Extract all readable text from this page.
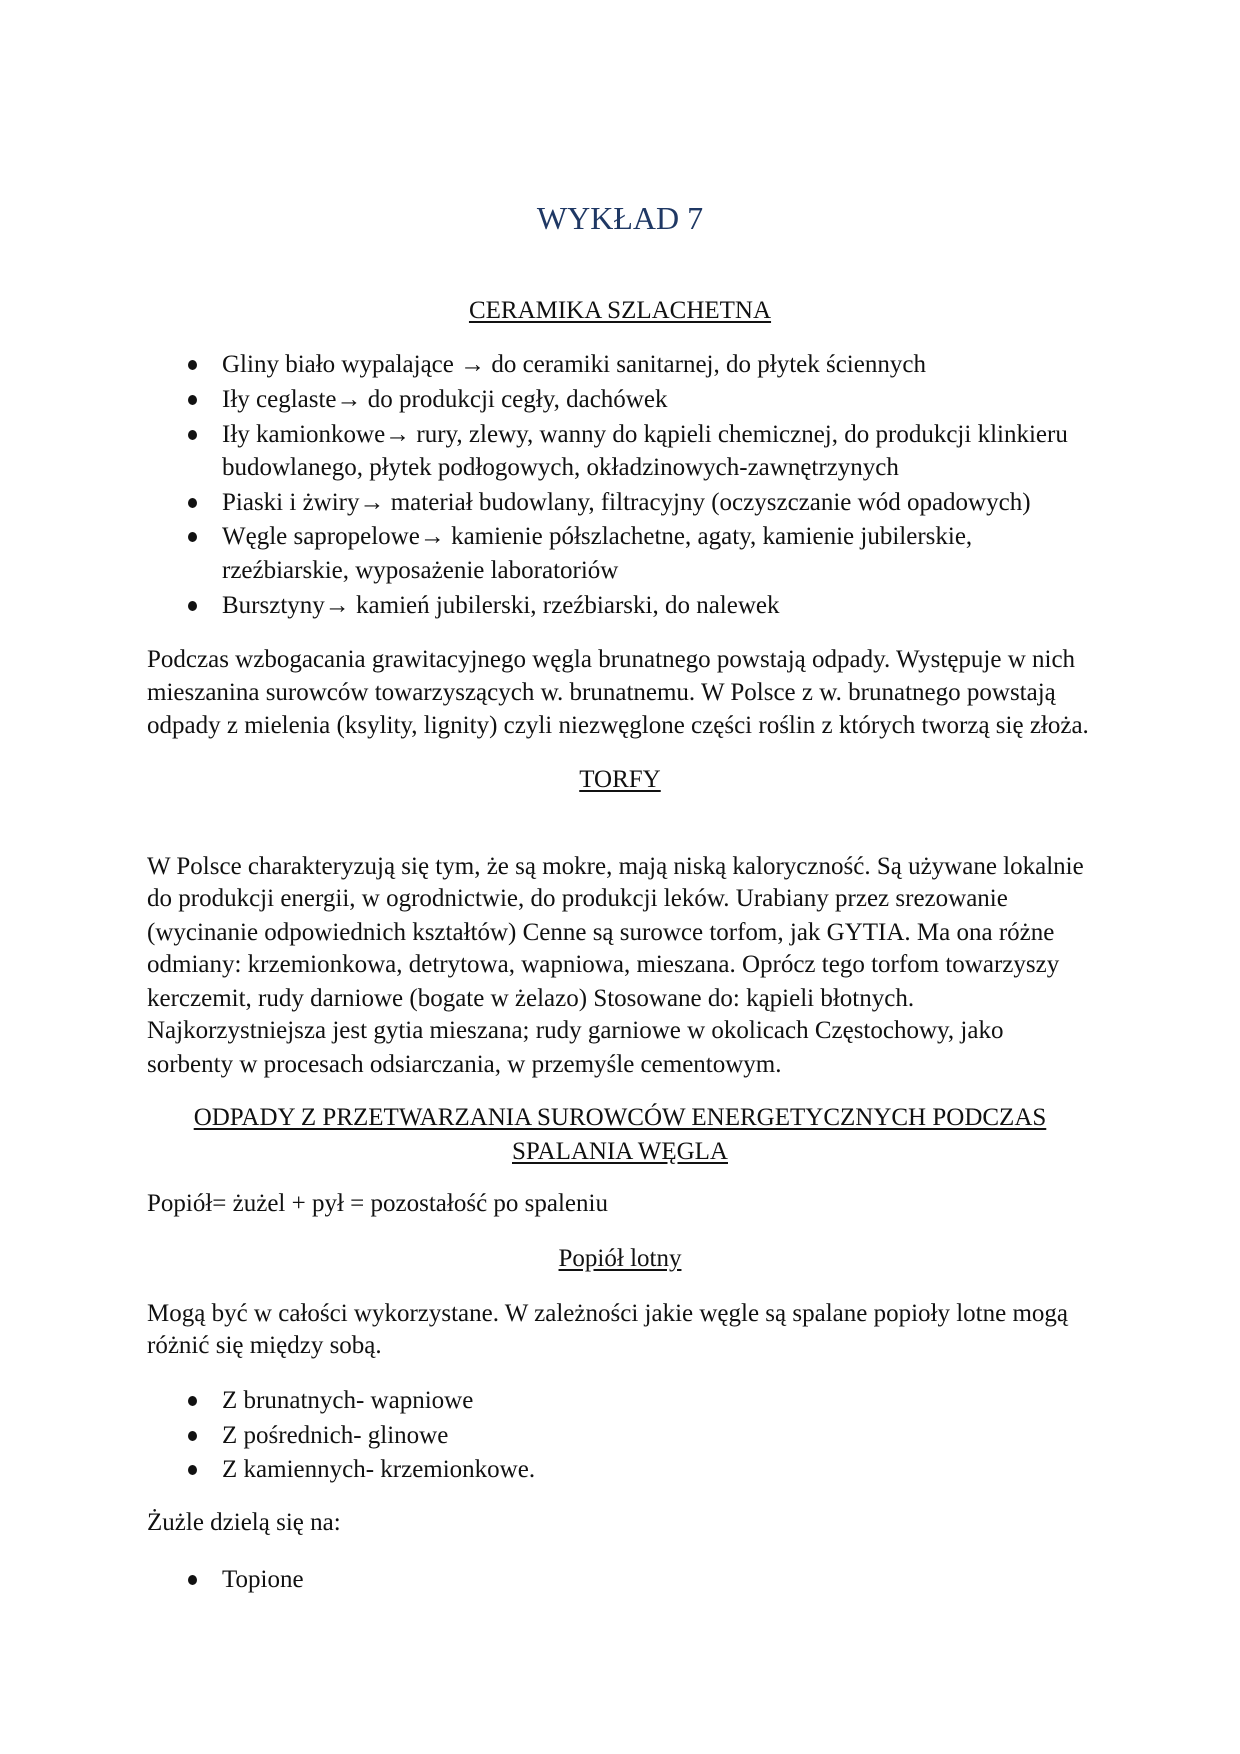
WYKŁAD 7
CERAMIKA SZLACHETNA
Gliny biało wypalające → do ceramiki sanitarnej, do płytek ściennych
Iły ceglaste→ do produkcji cegły, dachówek
Iły kamionkowe→ rury, zlewy, wanny do kąpieli chemicznej, do produkcji klinkieru
budowlanego, płytek podłogowych, okładzinowych-zawnętrzynych
Piaski i żwiry→ materiał budowlany, filtracyjny (oczyszczanie wód opadowych)
Węgle sapropelowe→ kamienie półszlachetne, agaty, kamienie jubilerskie,
rzeźbiarskie, wyposażenie laboratoriów
Bursztyny→ kamień jubilerski, rzeźbiarski, do nalewek
Podczas wzbogacania grawitacyjnego węgla brunatnego powstają odpady. Występuje w nich
mieszanina surowców towarzyszących w. brunatnemu. W Polsce z w. brunatnego powstają
odpady z mielenia (ksylity, lignity) czyli niezwęglone części roślin z których tworzą się złoża.
TORFY
W Polsce charakteryzują się tym, że są mokre, mają niską kaloryczność. Są używane lokalnie
do produkcji energii, w ogrodnictwie, do produkcji leków. Urabiany przez srezowanie
(wycinanie odpowiednich kształtów) Cenne są surowce torfom, jak GYTIA. Ma ona różne
odmiany: krzemionkowa, detrytowa, wapniowa, mieszana. Oprócz tego torfom towarzyszy
kerczemit, rudy darniowe (bogate w żelazo) Stosowane do: kąpieli błotnych.
Najkorzystniejsza jest gytia mieszana; rudy garniowe w okolicach Częstochowy, jako
sorbenty w procesach odsiarczania, w przemyśle cementowym.
ODPADY Z PRZETWARZANIA SUROWCÓW ENERGETYCZNYCH PODCZAS
SPALANIA WĘGLA
Popiół= żużel + pył = pozostałość po spaleniu
Popiół lotny
Mogą być w całości wykorzystane. W zależności jakie węgle są spalane popioły lotne mogą
różnić się między sobą.
Z brunatnych- wapniowe
Z pośrednich- glinowe
Z kamiennych- krzemionkowe.
Żużle dzielą się na:
Topione
